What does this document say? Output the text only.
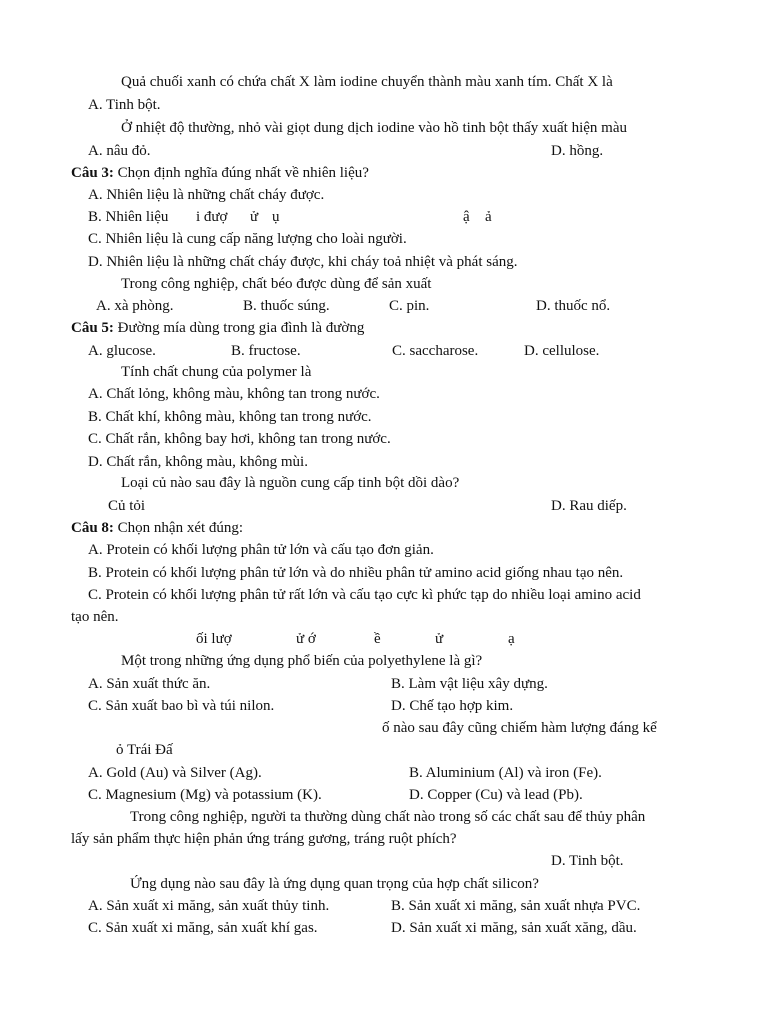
Quả chuối xanh có chứa chất X làm iodine chuyển thành màu xanh tím. Chất X là
A. Tinh bột.
Ở nhiệt độ thường, nhỏ vài giọt dung dịch iodine vào hồ tinh bột thấy xuất hiện màu
A. nâu đỏ.	D. hồng.
Câu 3: Chọn định nghĩa đúng nhất về nhiên liệu?
A. Nhiên liệu là những chất cháy được.
B. Nhiên liệu i đượ ử ụ	ậ ả
C. Nhiên liệu là cung cấp năng lượng cho loài người.
D. Nhiên liệu là những chất cháy được, khi cháy toả nhiệt và phát sáng.
Trong công nghiệp, chất béo được dùng để sản xuất
A. xà phòng.	B. thuốc súng.	C. pin.	D. thuốc nổ.
Câu 5: Đường mía dùng trong gia đình là đường
A. glucose.	B. fructose.	C. saccharose.	D. cellulose.
Tính chất chung của polymer là
A. Chất lỏng, không màu, không tan trong nước.
B. Chất khí, không màu, không tan trong nước.
C. Chất rắn, không bay hơi, không tan trong nước.
D. Chất rắn, không màu, không mùi.
Loại củ nào sau đây là nguồn cung cấp tinh bột dồi dào?
Củ tỏi	D. Rau diếp.
Câu 8: Chọn nhận xét đúng:
A. Protein có khối lượng phân tử lớn và cấu tạo đơn giản.
B. Protein có khối lượng phân tử lớn và do nhiều phân tử amino acid giống nhau tạo nên.
C. Protein có khối lượng phân tử rất lớn và cấu tạo cực kì phức tạp do nhiều loại amino acid
tạo nên.
ối lượ	ử ớ	ề	ử	ạ
Một trong những ứng dụng phổ biến của polyethylene là gì?
A. Sản xuất thức ăn.	B. Làm vật liệu xây dựng.
C. Sản xuất bao bì và túi nilon.	D. Chế tạo hợp kim.
ố nào sau đây cũng chiếm hàm lượng đáng kể
ỏ Trái Đấ
A. Gold (Au) và Silver (Ag).	B. Aluminium (Al) và iron (Fe).
C. Magnesium (Mg) và potassium (K).	D. Copper (Cu) và lead (Pb).
Trong công nghiệp, người ta thường dùng chất nào trong số các chất sau để thủy phân
lấy sản phẩm thực hiện phản ứng tráng gương, tráng ruột phích?
D. Tinh bột.
Ứng dụng nào sau đây là ứng dụng quan trọng của hợp chất silicon?
A. Sản xuất xi măng, sản xuất thủy tinh.	B. Sản xuất xi măng, sản xuất nhựa PVC.
C. Sản xuất xi măng, sản xuất khí gas.	D. Sản xuất xi măng, sản xuất xăng, dầu.
